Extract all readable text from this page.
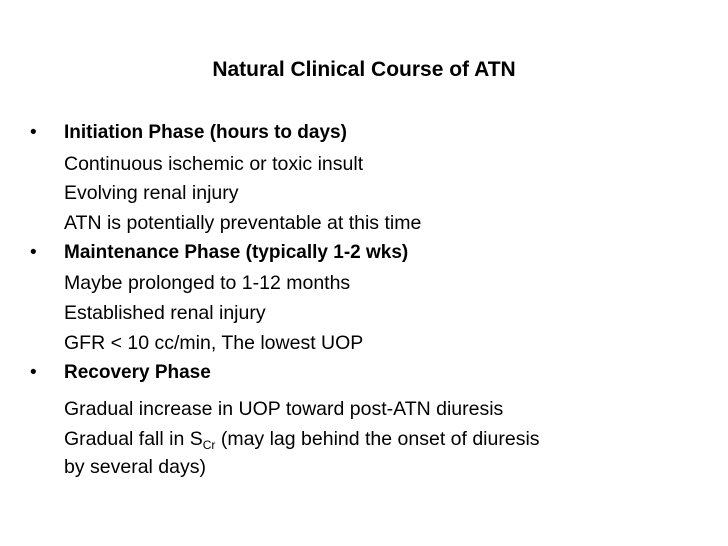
Natural Clinical Course of ATN
• Initiation Phase (hours to days)
Continuous ischemic or toxic insult
Evolving renal injury
ATN is potentially preventable at this time
• Maintenance Phase (typically 1-2 wks)
Maybe prolonged to 1-12 months
Established renal injury
GFR < 10 cc/min, The lowest UOP
• Recovery Phase
Gradual increase in UOP toward post-ATN diuresis
Gradual fall in $S_{Cr}$ (may lag behind the onset of diuresis
by several days)
